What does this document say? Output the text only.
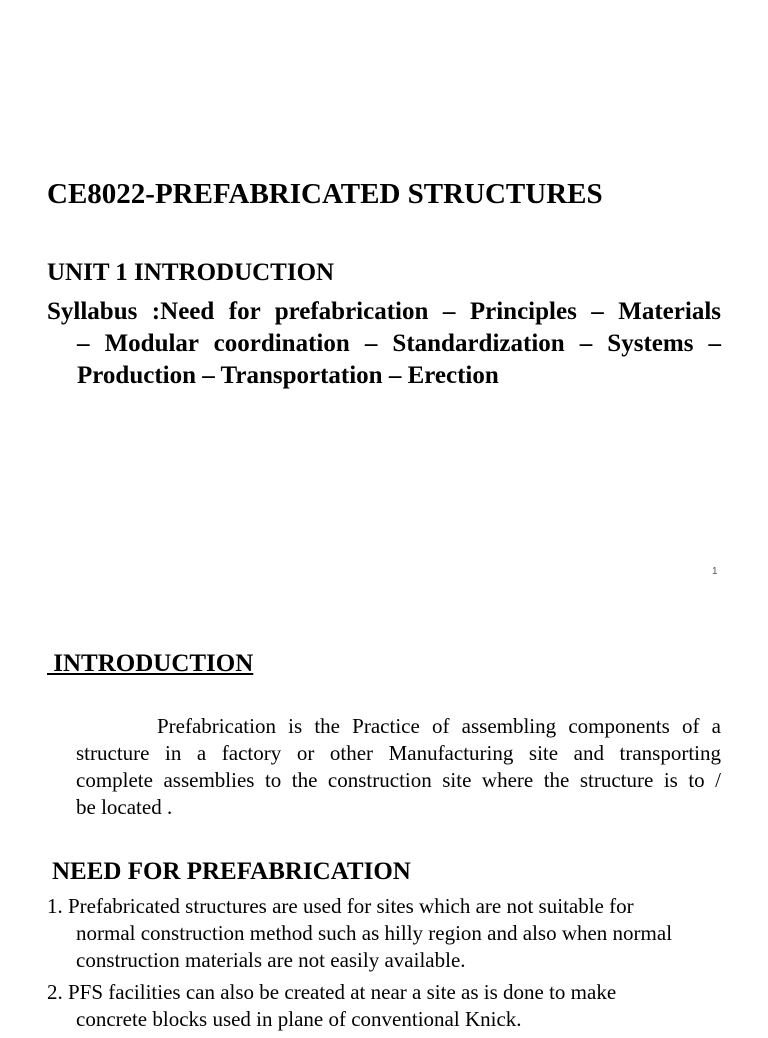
CE8022-PREFABRICATED STRUCTURES
UNIT 1 INTRODUCTION
Syllabus :Need for prefabrication – Principles – Materials
– Modular coordination – Standardization – Systems –
Production – Transportation – Erection
1
INTRODUCTION
Prefabrication is the Practice of assembling components of a
structure in a factory or other Manufacturing site and transporting
complete assemblies to the construction site where the structure is to /
be located .
NEED FOR PREFABRICATION
1. Prefabricated structures are used for sites which are not suitable for
normal construction method such as hilly region and also when normal
construction materials are not easily available.
2. PFS facilities can also be created at near a site as is done to make
concrete blocks used in plane of conventional Knick.
